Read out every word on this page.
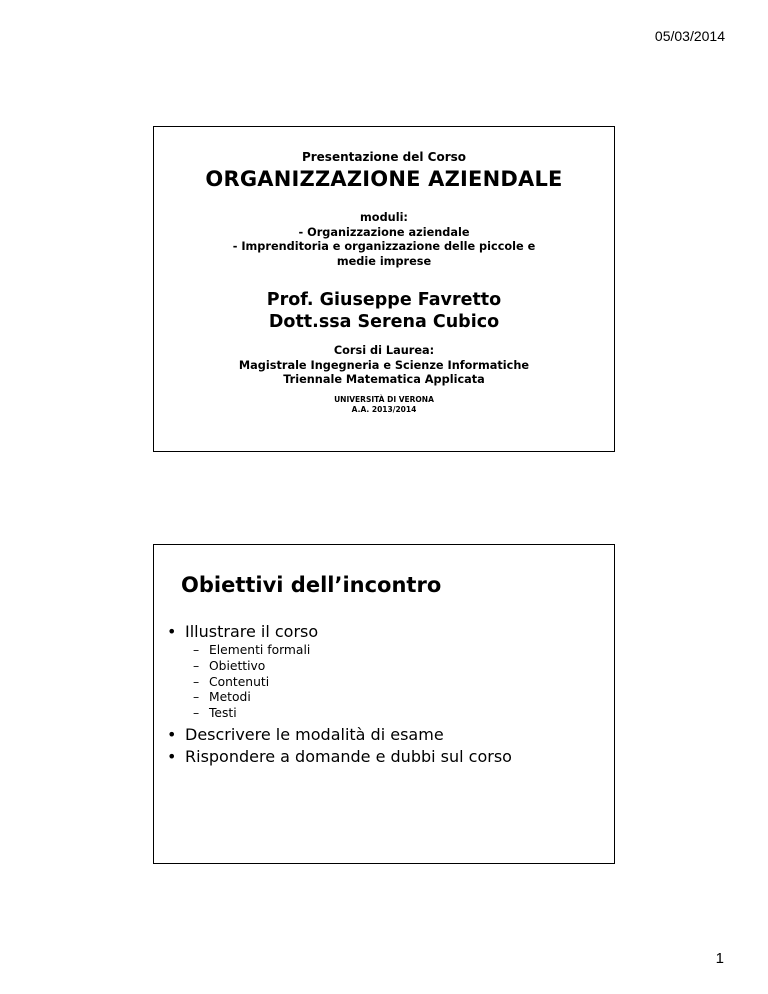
05/03/2014
Presentazione del Corso
ORGANIZZAZIONE AZIENDALE
moduli:
- Organizzazione aziendale
- Imprenditoria e organizzazione delle piccole e
medie imprese
Prof. Giuseppe Favretto
Dott.ssa Serena Cubico
Corsi di Laurea:
Magistrale Ingegneria e Scienze Informatiche
Triennale Matematica Applicata
UNIVERSITÀ DI VERONA
A.A. 2013/2014
Obiettivi dell’incontro
• Illustrare il corso
– Elementi formali
– Obiettivo
– Contenuti
– Metodi
– Testi
• Descrivere le modalità di esame
• Rispondere a domande e dubbi sul corso
1
